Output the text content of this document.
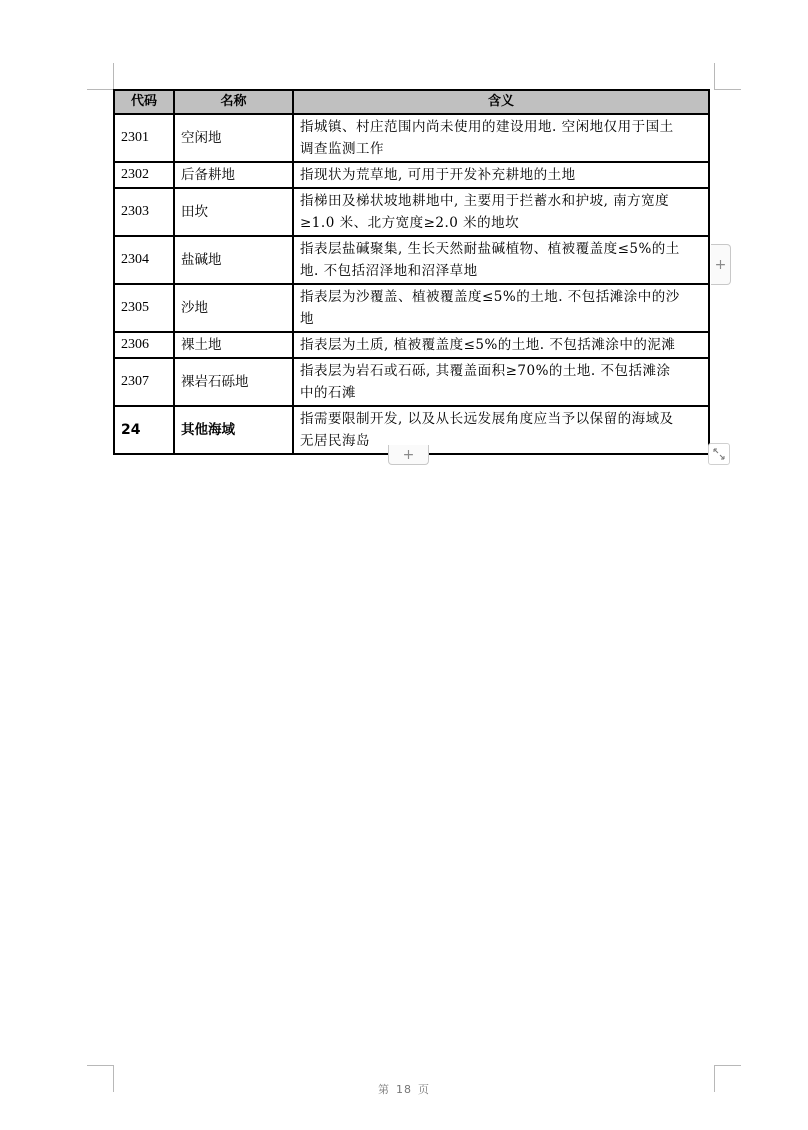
代码	名称	含义
2301	空闲地	指城镇、村庄范围内尚未使用的建设用地. 空闲地仅用于国土
调查监测工作

2302	后备耕地	指现状为荒草地, 可用于开发补充耕地的土地

2303	田坎	指梯田及梯状坡地耕地中, 主要用于拦蓄水和护坡, 南方宽度
≥1.0 米、北方宽度≥2.0 米的地坎

2304	盐碱地	指表层盐碱聚集, 生长天然耐盐碱植物、植被覆盖度≤5%的土
地. 不包括沼泽地和沼泽草地

2305	沙地	指表层为沙覆盖、植被覆盖度≤5%的土地. 不包括滩涂中的沙
地

2306	裸土地	指表层为土质, 植被覆盖度≤5%的土地. 不包括滩涂中的泥滩

2307	裸岩石砾地	指表层为岩石或石砾, 其覆盖面积≥70%的土地. 不包括滩涂
中的石滩

24	其他海域	指需要限制开发, 以及从长远发展角度应当予以保留的海域及
无居民海岛
+
+
第 18 页
